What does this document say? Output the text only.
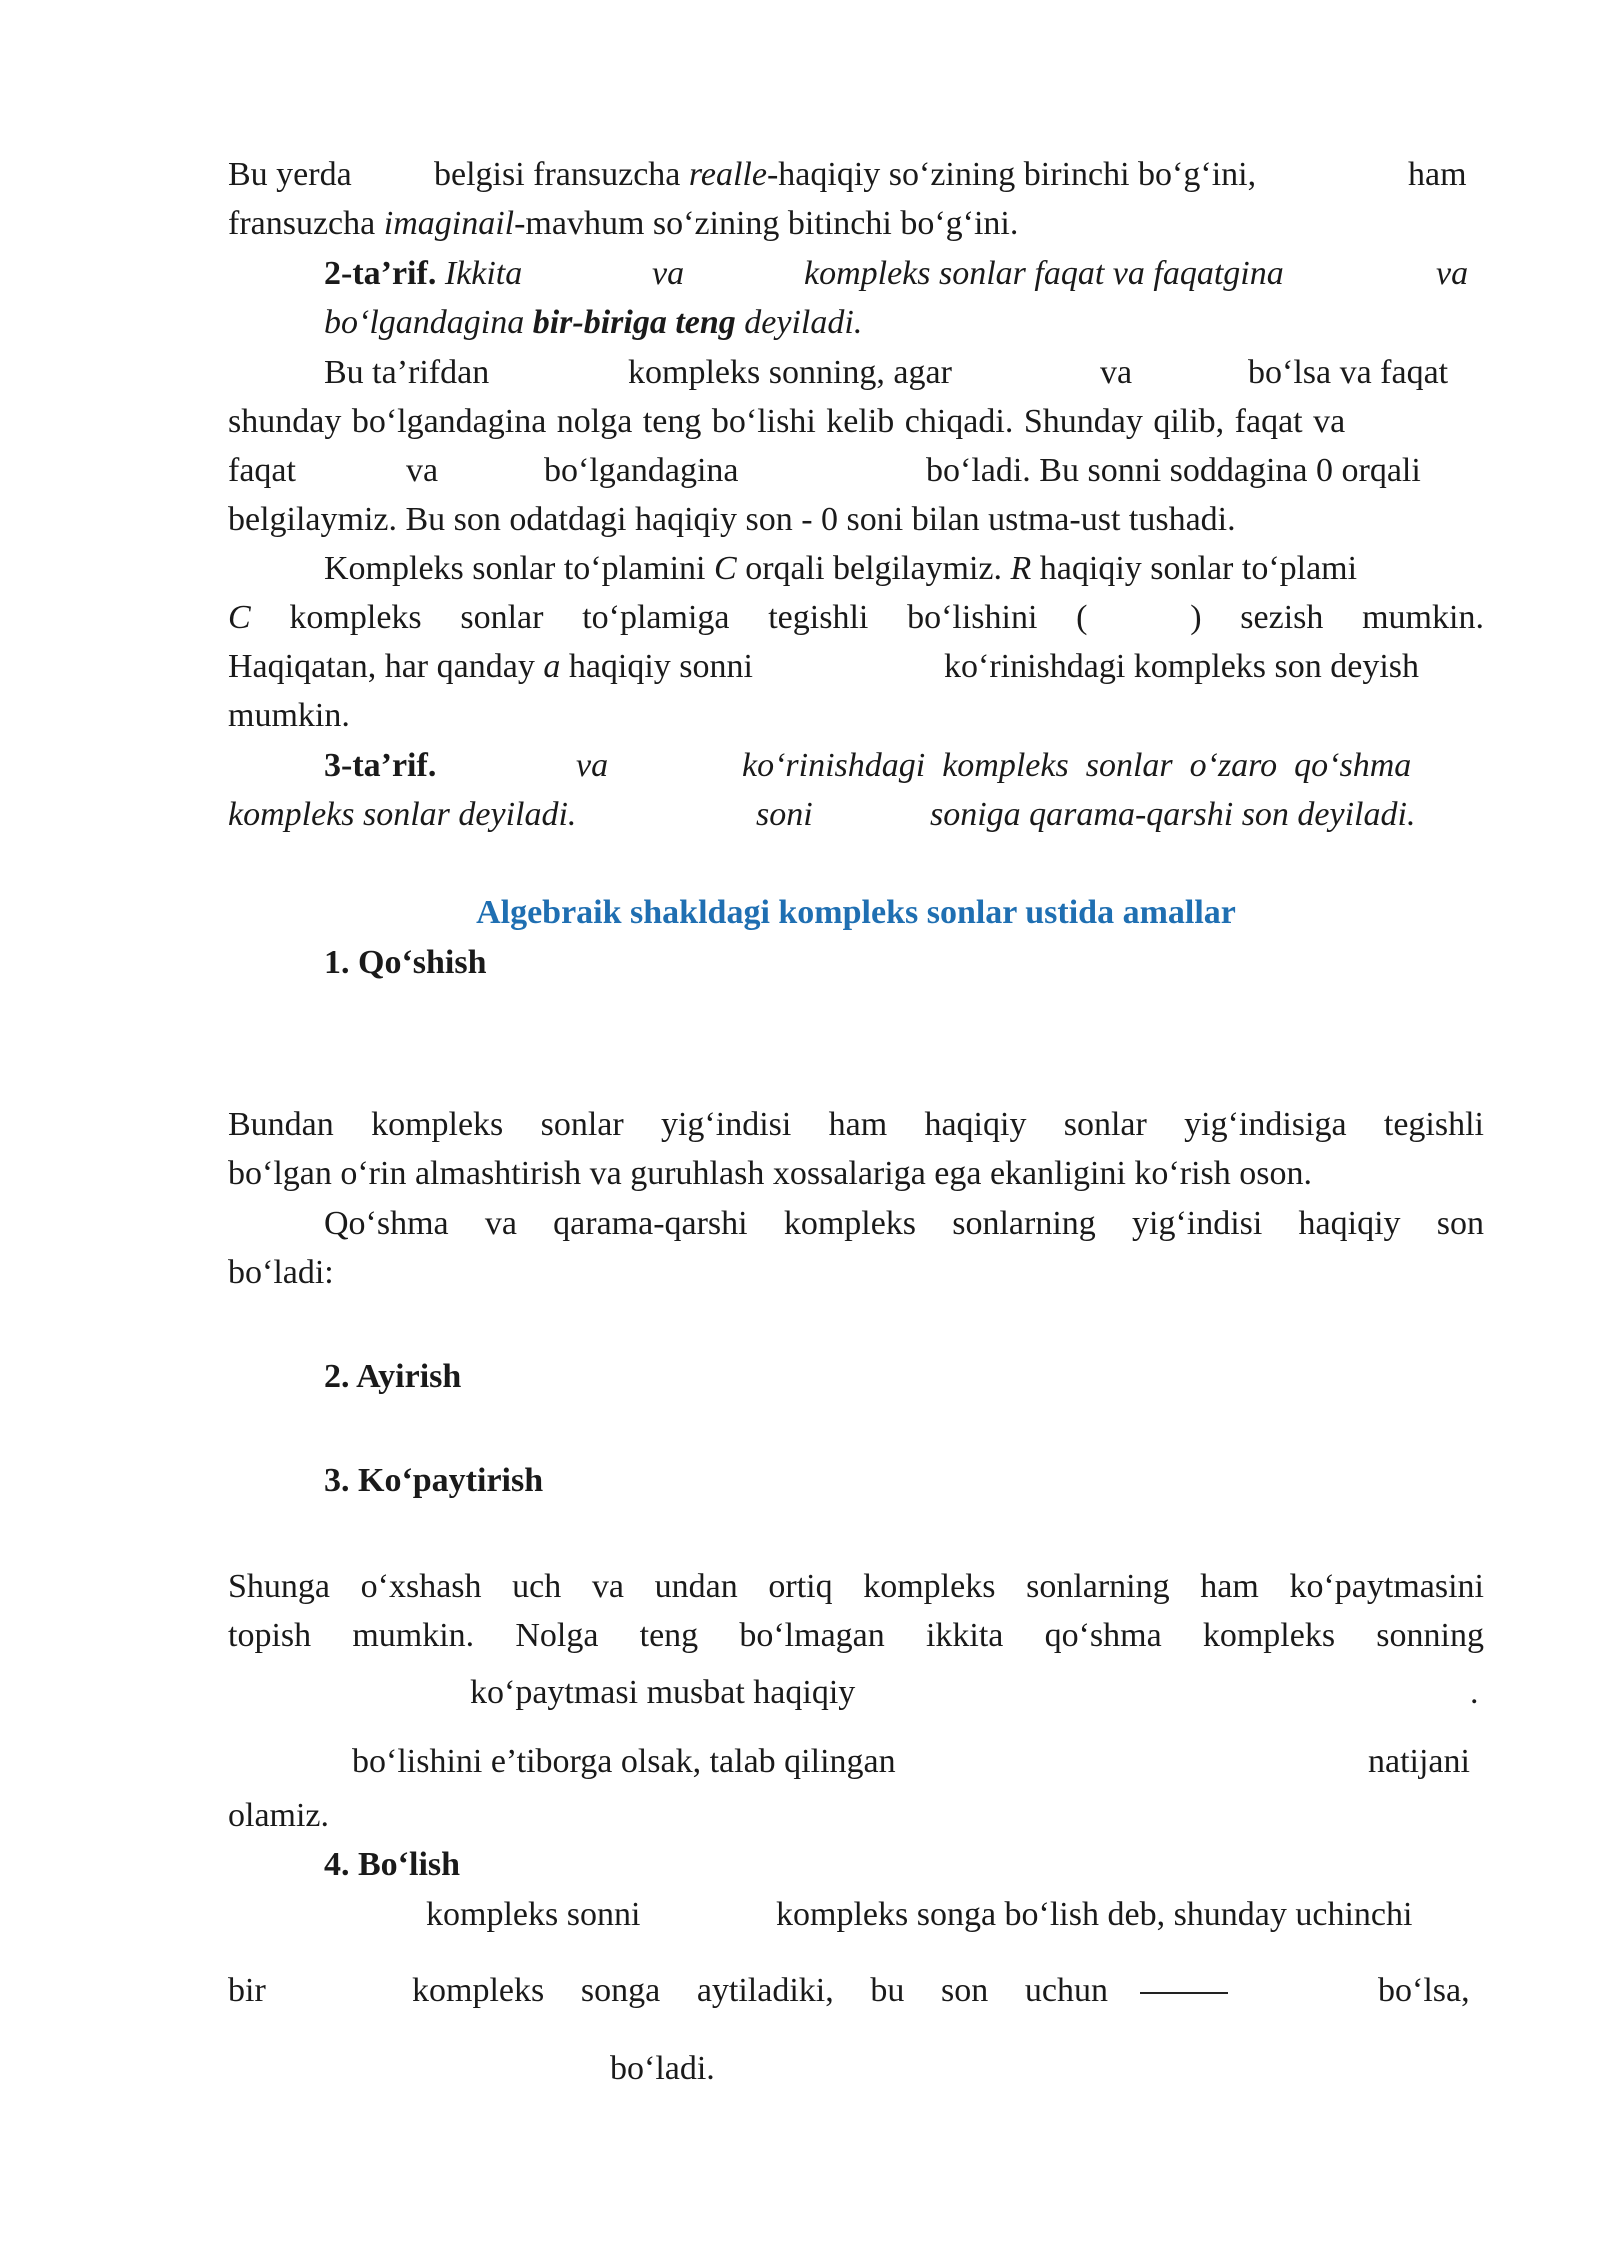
Bu yerda belgisi fransuzcha realle-haqiqiy so‘zining birinchi bo‘g‘ini,	ham
fransuzcha imaginail-mavhum so‘zining bitinchi bo‘g‘ini.
2-ta’rif. Ikkita	va	kompleks sonlar faqat va faqatgina	va
bo‘lgandagina bir-biriga teng deyiladi.
Bu ta’rifdan	kompleks sonning, agar	va	bo‘lsa va faqat
shunday bo‘lgandagina nolga teng bo‘lishi kelib chiqadi. Shunday qilib, faqat va
faqat	va	bo‘lgandagina	bo‘ladi. Bu sonni soddagina 0 orqali
belgilaymiz. Bu son odatdagi haqiqiy son - 0 soni bilan ustma-ust tushadi.
Kompleks sonlar to‘plamini C orqali belgilaymiz. R haqiqiy sonlar to‘plami
C kompleks sonlar to‘plamiga tegishli bo‘lishini (	) sezish mumkin.
Haqiqatan, har qanday a haqiqiy sonni	ko‘rinishdagi kompleks son deyish
mumkin.
3-ta’rif.	va	ko‘rinishdagi  kompleks  sonlar  o‘zaro  qo‘shma
kompleks sonlar deyiladi.	soni	soniga qarama-qarshi son deyiladi.
Algebraik shakldagi kompleks sonlar ustida amallar
1. Qo‘shish
Bundan kompleks sonlar yig‘indisi ham haqiqiy sonlar yig‘indisiga tegishli
bo‘lgan o‘rin almashtirish va guruhlash xossalariga ega ekanligini ko‘rish oson.
Qo‘shma va qarama-qarshi kompleks sonlarning yig‘indisi haqiqiy son
bo‘ladi:
2. Ayirish
3. Ko‘paytirish
Shunga o‘xshash uch va undan ortiq kompleks sonlarning ham ko‘paytmasini
topish mumkin. Nolga teng bo‘lmagan ikkita qo‘shma kompleks sonning
ko‘paytmasi musbat haqiqiy	.
bo‘lishini e’tiborga olsak, talab qilingan	natijani
olamiz.
4. Bo‘lish
kompleks sonni	kompleks songa bo‘lish deb, shunday uchinchi
bir	kompleks songa aytiladiki, bu son uchun	bo‘lsa,
bo‘ladi.
